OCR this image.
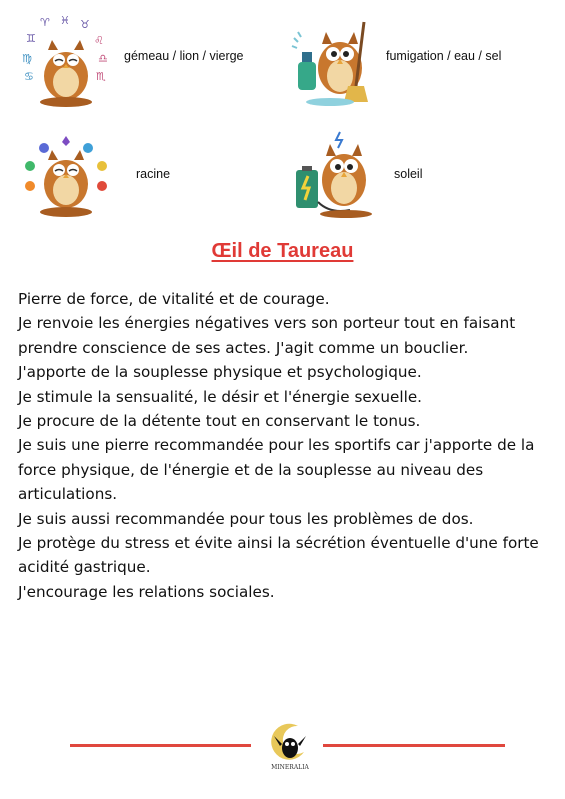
♊
♈ ♓ ♉
♌
♍	♎
♋	♏
gémeau / lion / vierge	fumigation / eau / sel
racine	soleil
Œil de Taureau

Pierre de force, de vitalité et de courage.

Je renvoie les énergies négatives vers son porteur tout en faisant prendre conscience de ses actes. J'agit comme un bouclier.

J'apporte de la souplesse physique et psychologique.

Je stimule la sensualité, le désir et l'énergie sexuelle.

Je procure de la détente tout en conservant le tonus.

Je suis une pierre recommandée pour les sportifs car j'apporte de la force physique, de l'énergie et de la souplesse au niveau des articulations.

Je suis aussi recommandée pour tous les problèmes de dos.

Je protège du stress et évite ainsi la sécrétion éventuelle d'une forte acidité gastrique.

J'encourage les relations sociales.

MINERALIA
